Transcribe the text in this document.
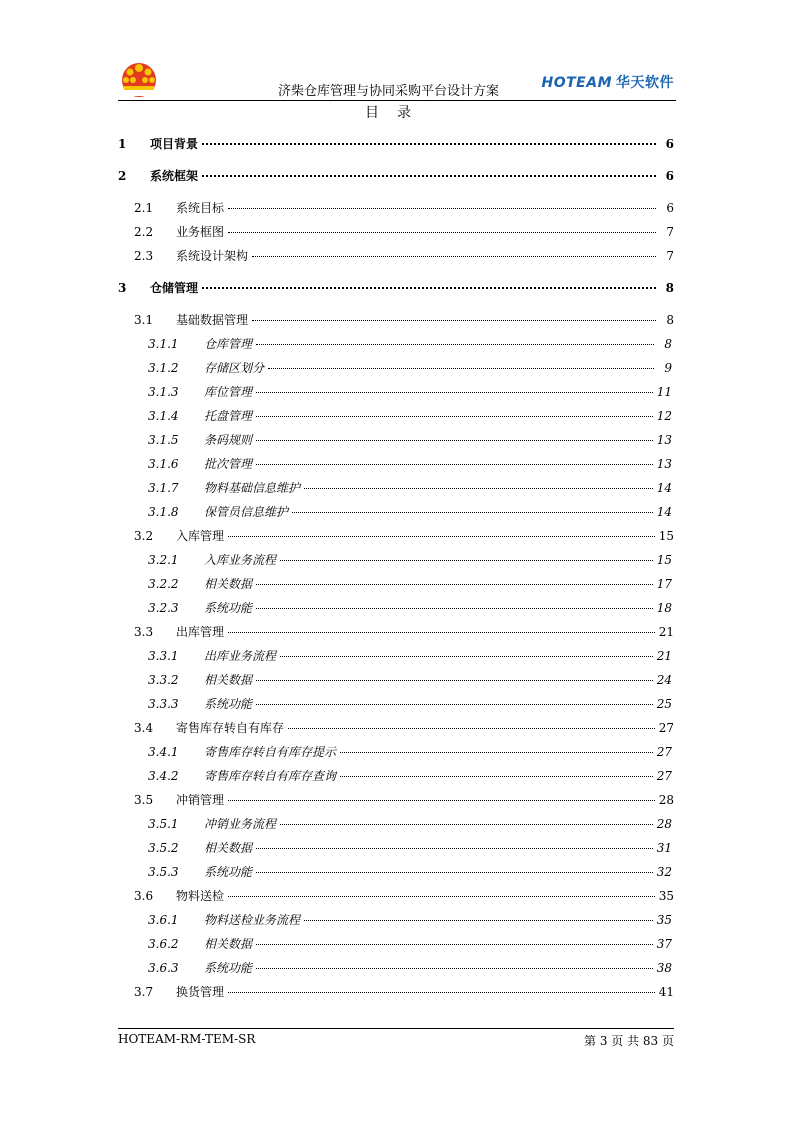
济柴仓库管理与协同采购平台设计方案
HOTEAM 华天软件
目录
1	项目背景	6
2	系统框架	6
2.1	系统目标	6
2.2	业务框图	7
2.3	系统设计架构	7
3	仓储管理	8
3.1	基础数据管理	8
3.1.1	仓库管理	8
3.1.2	存储区划分	9
3.1.3	库位管理	11
3.1.4	托盘管理	12
3.1.5	条码规则	13
3.1.6	批次管理	13
3.1.7	物料基础信息维护	14
3.1.8	保管员信息维护	14
3.2	入库管理	15
3.2.1	入库业务流程	15
3.2.2	相关数据	17
3.2.3	系统功能	18
3.3	出库管理	21
3.3.1	出库业务流程	21
3.3.2	相关数据	24
3.3.3	系统功能	25
3.4	寄售库存转自有库存	27
3.4.1	寄售库存转自有库存提示	27
3.4.2	寄售库存转自有库存查询	27
3.5	冲销管理	28
3.5.1	冲销业务流程	28
3.5.2	相关数据	31
3.5.3	系统功能	32
3.6	物料送检	35
3.6.1	物料送检业务流程	35
3.6.2	相关数据	37
3.6.3	系统功能	38
3.7	换货管理	41
HOTEAM-RM-TEM-SR	第 3 页 共 83 页
